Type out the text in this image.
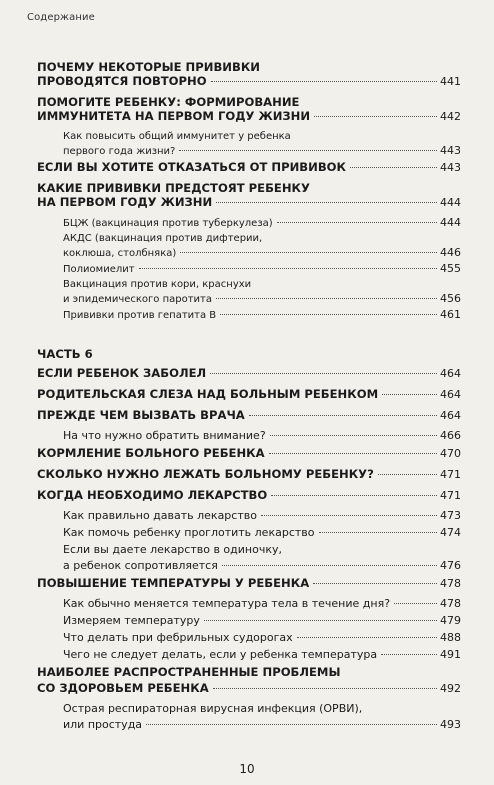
Содержание
ПОЧЕМУ НЕКОТОРЫЕ ПРИВИВКИ
ПРОВОДЯТСЯ ПОВТОРНО	441
ПОМОГИТЕ РЕБЕНКУ: ФОРМИРОВАНИЕ
ИММУНИТЕТА НА ПЕРВОМ ГОДУ ЖИЗНИ	442
Как повысить общий иммунитет у ребенка
первого года жизни?	443
ЕСЛИ ВЫ ХОТИТЕ ОТКАЗАТЬСЯ ОТ ПРИВИВОК	443
КАКИЕ ПРИВИВКИ ПРЕДСТОЯТ РЕБЕНКУ
НА ПЕРВОМ ГОДУ ЖИЗНИ	444
БЦЖ (вакцинация против туберкулеза)	444
АКДС (вакцинация против дифтерии,
коклюша, столбняка)	446
Полиомиелит	455
Вакцинация против кори, краснухи
и эпидемического паротита	456
Прививки против гепатита В	461
ЧАСТЬ 6
ЕСЛИ РЕБЕНОК ЗАБОЛЕЛ	464
РОДИТЕЛЬСКАЯ СЛЕЗА НАД БОЛЬНЫМ РЕБЕНКОМ	464
ПРЕЖДЕ ЧЕМ ВЫЗВАТЬ ВРАЧА	464
На что нужно обратить внимание?	466
КОРМЛЕНИЕ БОЛЬНОГО РЕБЕНКА	470
СКОЛЬКО НУЖНО ЛЕЖАТЬ БОЛЬНОМУ РЕБЕНКУ?	471
КОГДА НЕОБХОДИМО ЛЕКАРСТВО	471
Как правильно давать лекарство	473
Как помочь ребенку проглотить лекарство	474
Если вы даете лекарство в одиночку,
а ребенок сопротивляется	476
ПОВЫШЕНИЕ ТЕМПЕРАТУРЫ У РЕБЕНКА	478
Как обычно меняется температура тела в течение дня?	478
Измеряем температуру	479
Что делать при фебрильных судорогах	488
Чего не следует делать, если у ребенка температура	491
НАИБОЛЕЕ РАСПРОСТРАНЕННЫЕ ПРОБЛЕМЫ
СО ЗДОРОВЬЕМ РЕБЕНКА	492
Острая респираторная вирусная инфекция (ОРВИ),
или простуда	493
10
